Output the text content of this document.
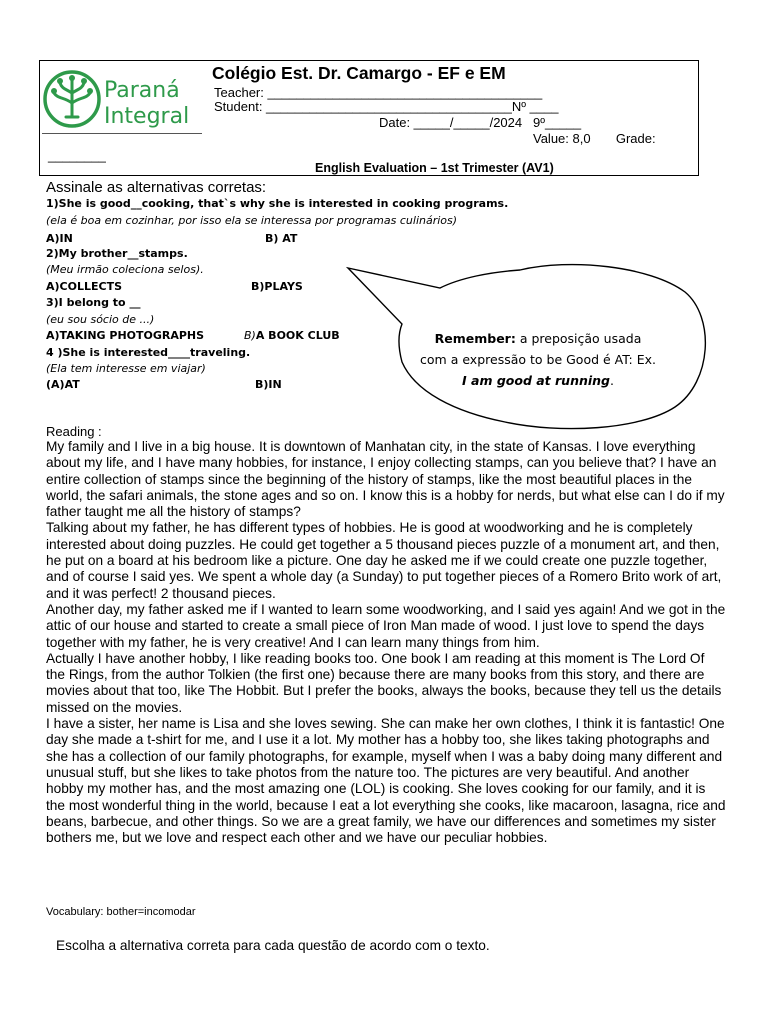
Paraná
Integral
Colégio Est. Dr. Camargo - EF e EM
Teacher: ______________________________________
Student: __________________________________Nº ____
Date: _____/_____/2024   9º_____
Value: 8,0       Grade:
________
English Evaluation – 1st Trimester (AV1)
Assinale as alternativas corretas:
1)She is good__cooking, that`s why she is interested in cooking programs.
(ela é boa em cozinhar, por isso ela se interessa por programas culinários)
A)IN	B) AT
2)My brother__stamps.
(Meu irmão coleciona selos).
A)COLLECTS	B)PLAYS
3)I belong to __
(eu sou sócio de ...)
A)TAKING PHOTOGRAPHS	B)A BOOK CLUB
4 )She is interested____traveling.
(Ela tem interesse em viajar)
(A)AT	B)IN
Remember: a preposição usada com a expressão to be Good é AT: Ex. I am good at running.
Reading :

My family and I live in a big house. It is downtown of Manhatan city, in the state of Kansas. I love everything about my life, and I have many hobbies, for instance, I enjoy collecting stamps, can you believe that? I have an entire collection of stamps since the beginning of the history of stamps, like the most beautiful places in the world, the safari animals, the stone ages and so on. I know this is a hobby for nerds, but what else can I do if my father taught me all the history of stamps?

Talking about my father, he has different types of hobbies. He is good at woodworking and he is completely interested about doing puzzles. He could get together a 5 thousand pieces puzzle of a monument art, and then, he put on a board at his bedroom like a picture. One day he asked me if we could create one puzzle together, and of course I said yes. We spent a whole day (a Sunday) to put together pieces of a Romero Brito work of art, and it was perfect! 2 thousand pieces.

Another day, my father asked me if I wanted to learn some woodworking, and I said yes again! And we got in the attic of our house and started to create a small piece of Iron Man made of wood. I just love to spend the days together with my father, he is very creative! And I can learn many things from him.

Actually I have another hobby, I like reading books too. One book I am reading at this moment is The Lord Of the Rings, from the author Tolkien (the first one) because there are many books from this story, and there are movies about that too, like The Hobbit. But I prefer the books, always the books, because they tell us the details missed on the movies.

I have a sister, her name is Lisa and she loves sewing. She can make her own clothes, I think it is fantastic! One day she made a t-shirt for me, and I use it a lot. My mother has a hobby too, she likes taking photographs and she has a collection of our family photographs, for example, myself when I was a baby doing many different and unusual stuff, but she likes to take photos from the nature too. The pictures are very beautiful. And another hobby my mother has, and the most amazing one (LOL) is cooking. She loves cooking for our family, and it is the most wonderful thing in the world, because I eat a lot everything she cooks, like macaroon, lasagna, rice and beans, barbecue, and other things. So we are a great family, we have our differences and sometimes my sister bothers me, but we love and respect each other and we have our peculiar hobbies.

Vocabulary: bother=incomodar
Escolha a alternativa correta para cada questão de acordo com o texto.
